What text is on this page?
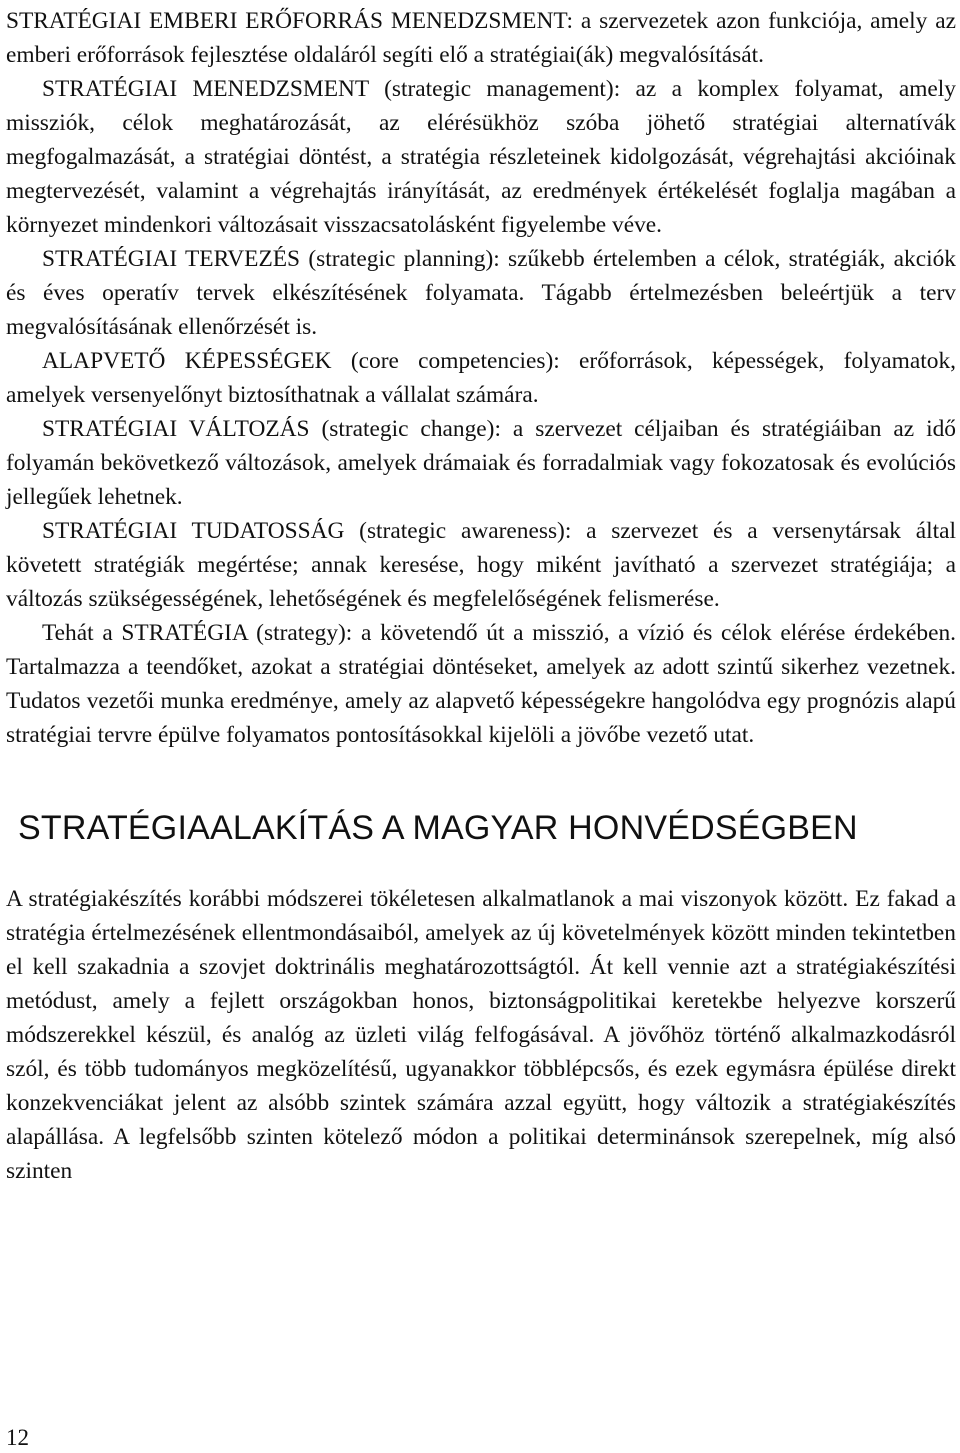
STRATÉGIAI EMBERI ERŐFORRÁS MENEDZSMENT: a szervezetek azon funkciója, amely az emberi erőforrások fejlesztése oldaláról segíti elő a stratégiai(ák) megvalósítását.

STRATÉGIAI MENEDZSMENT (strategic management): az a komplex folyamat, amely missziók, célok meghatározását, az elérésükhöz szóba jöhető stratégiai alternatívák megfogalmazását, a stratégiai döntést, a stratégia részleteinek kidolgozását, végrehajtási akcióinak megtervezését, valamint a végrehajtás irányítását, az eredmények értékelését foglalja magában a környezet mindenkori változásait visszacsatolásként figyelembe véve.

STRATÉGIAI TERVEZÉS (strategic planning): szűkebb értelemben a célok, stratégiák, akciók és éves operatív tervek elkészítésének folyamata. Tágabb értelmezésben beleértjük a terv megvalósításának ellenőrzését is.

ALAPVETŐ KÉPESSÉGEK (core competencies): erőforrások, képességek, folyamatok, amelyek versenyelőnyt biztosíthatnak a vállalat számára.

STRATÉGIAI VÁLTOZÁS (strategic change): a szervezet céljaiban és stratégiáiban az idő folyamán bekövetkező változások, amelyek drámaiak és forradalmiak vagy fokozatosak és evolúciós jellegűek lehetnek.

STRATÉGIAI TUDATOSSÁG (strategic awareness): a szervezet és a versenytársak által követett stratégiák megértése; annak keresése, hogy miként javítható a szervezet stratégiája; a változás szükségességének, lehetőségének és megfelelőségének felismerése.

Tehát a STRATÉGIA (strategy): a követendő út a misszió, a vízió és célok elérése érdekében. Tartalmazza a teendőket, azokat a stratégiai döntéseket, amelyek az adott szintű sikerhez vezetnek. Tudatos vezetői munka eredménye, amely az alapvető képességekre hangolódva egy prognózis alapú stratégiai tervre épülve folyamatos pontosításokkal kijelöli a jövőbe vezető utat.

STRATÉGIAALAKÍTÁS A MAGYAR HONVÉDSÉGBEN

A stratégiakészítés korábbi módszerei tökéletesen alkalmatlanok a mai viszonyok között. Ez fakad a stratégia értelmezésének ellentmondásaiból, amelyek az új követelmények között minden tekintetben el kell szakadnia a szovjet doktrinális meghatározottságtól. Át kell vennie azt a stratégiakészítési metódust, amely a fejlett országokban honos, biztonságpolitikai keretekbe helyezve korszerű módszerekkel készül, és analóg az üzleti világ felfogásával. A jövőhöz történő alkalmazkodásról szól, és több tudományos megközelítésű, ugyanakkor többlépcsős, és ezek egymásra épülése direkt konzekvenciákat jelent az alsóbb szintek számára azzal együtt, hogy változik a stratégiakészítés alapállása. A legfelsőbb szinten kötelező módon a politikai determinánsok szerepelnek, míg alsó szinten

12
